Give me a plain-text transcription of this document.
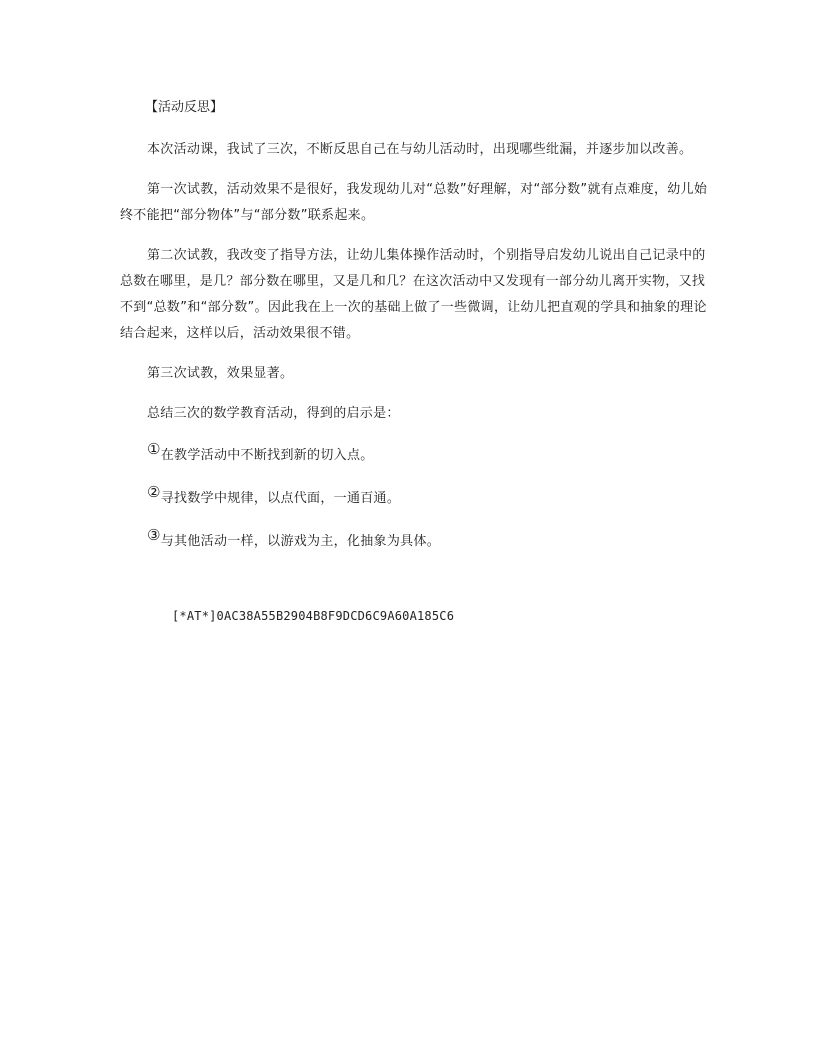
【活动反思】

本次活动课，我试了三次，不断反思自己在与幼儿活动时，出现哪些纰漏，并逐步加以改善。

第一次试教，活动效果不是很好，我发现幼儿对“总数”好理解，对“部分数”就有点难度，幼儿始终不能把“部分物体”与“部分数”联系起来。

第二次试教，我改变了指导方法，让幼儿集体操作活动时，个别指导启发幼儿说出自己记录中的总数在哪里，是几？部分数在哪里，又是几和几？在这次活动中又发现有一部分幼儿离开实物，又找不到“总数”和“部分数”。因此我在上一次的基础上做了一些微调，让幼儿把直观的学具和抽象的理论结合起来，这样以后，活动效果很不错。

第三次试教，效果显著。

总结三次的数学教育活动，得到的启示是：

①在教学活动中不断找到新的切入点。
②寻找数学中规律，以点代面，一通百通。
③与其他活动一样，以游戏为主，化抽象为具体。
[*AT*]0AC38A55B2904B8F9DCD6C9A60A185C6
